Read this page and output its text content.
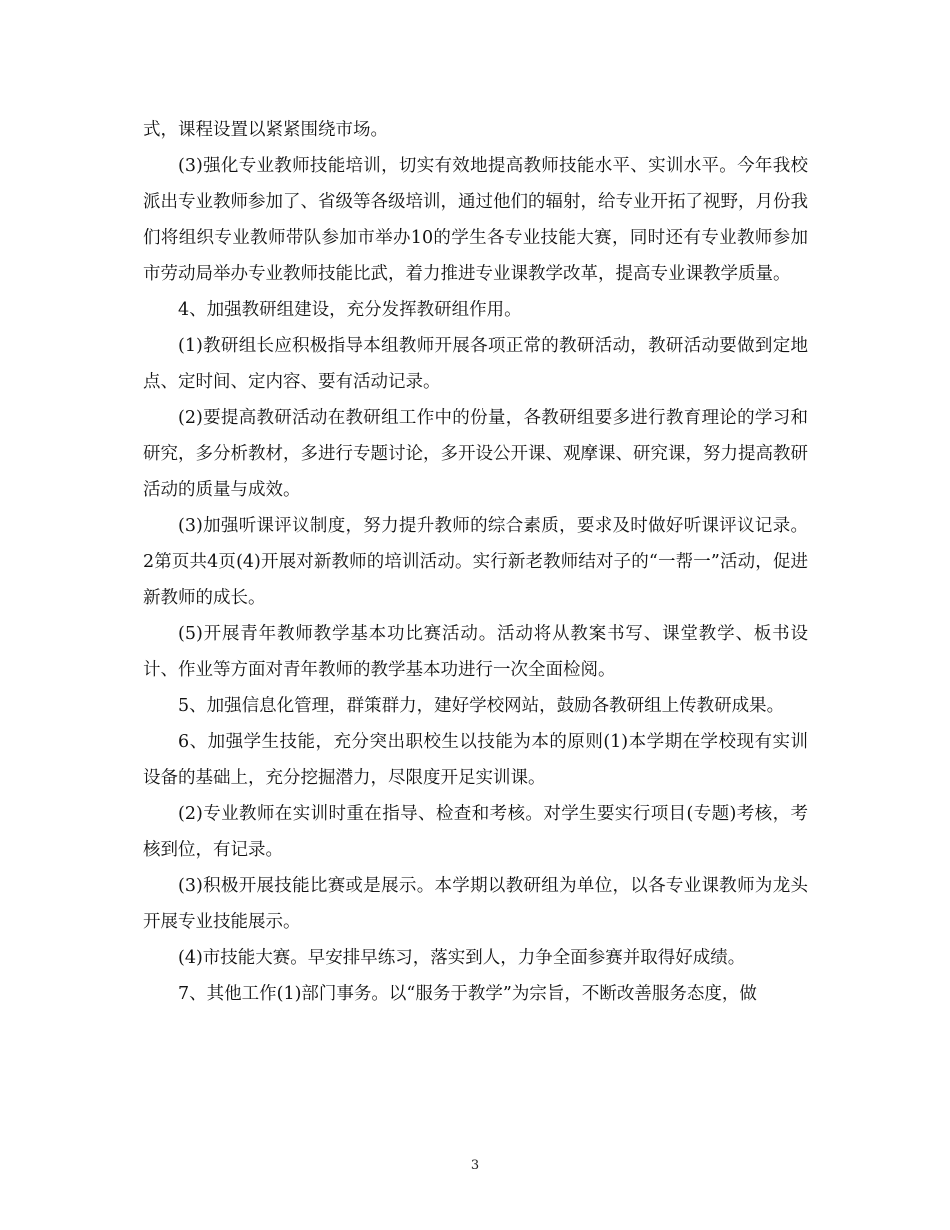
式，课程设置以紧紧围绕市场。

(3)强化专业教师技能培训，切实有效地提高教师技能水平、实训水平。今年我校派出专业教师参加了、省级等各级培训，通过他们的辐射，给专业开拓了视野，月份我们将组织专业教师带队参加市举办10的学生各专业技能大赛，同时还有专业教师参加市劳动局举办专业教师技能比武，着力推进专业课教学改革，提高专业课教学质量。

4、加强教研组建设，充分发挥教研组作用。

(1)教研组长应积极指导本组教师开展各项正常的教研活动，教研活动要做到定地点、定时间、定内容、要有活动记录。

(2)要提高教研活动在教研组工作中的份量，各教研组要多进行教育理论的学习和研究，多分析教材，多进行专题讨论，多开设公开课、观摩课、研究课，努力提高教研活动的质量与成效。

(3)加强听课评议制度，努力提升教师的综合素质，要求及时做好听课评议记录。2第页共4页(4)开展对新教师的培训活动。实行新老教师结对子的“一帮一”活动，促进新教师的成长。

(5)开展青年教师教学基本功比赛活动。活动将从教案书写、课堂教学、板书设计、作业等方面对青年教师的教学基本功进行一次全面检阅。

5、加强信息化管理，群策群力，建好学校网站，鼓励各教研组上传教研成果。

6、加强学生技能，充分突出职校生以技能为本的原则(1)本学期在学校现有实训设备的基础上，充分挖掘潜力，尽限度开足实训课。

(2)专业教师在实训时重在指导、检查和考核。对学生要实行项目(专题)考核，考核到位，有记录。

(3)积极开展技能比赛或是展示。本学期以教研组为单位，以各专业课教师为龙头开展专业技能展示。

(4)市技能大赛。早安排早练习，落实到人，力争全面参赛并取得好成绩。

7、其他工作(1)部门事务。以“服务于教学”为宗旨，不断改善服务态度，做

3
